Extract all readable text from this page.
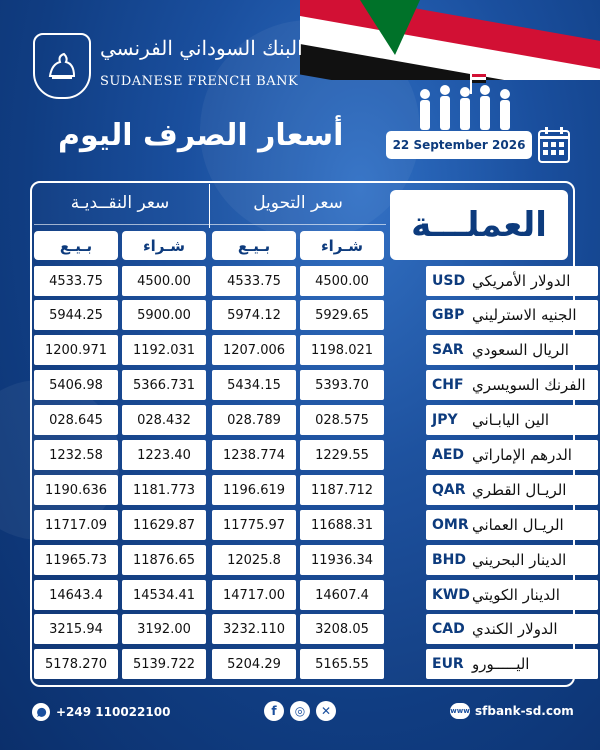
البنك السوداني الفرنسي
SUDANESE FRENCH BANK
أسعار الصرف اليوم	22 September 2026
سعر النقــديـة	سعر التحويل
العملـــة
بـيـع	شـراء	بـيـع	شـراء
4533.75	4500.00	4533.75	4500.00	USD الدولار الأمريكي
5944.25	5900.00	5974.12	5929.65	GBP الجنيه الاسترليني
1200.971	1192.031	1207.006	1198.021	SAR الريال السعودي
5406.98	5366.731	5434.15	5393.70	CHF الفرنك السويسري
028.645	028.432	028.789	028.575	JPY الين اليابـاني
1232.58	1223.40	1238.774	1229.55	AED الدرهم الإماراتي
1190.636	1181.773	1196.619	1187.712	QAR الريـال القطري
11717.09	11629.87	11775.97	11688.31	OMR الريـال العماني
11965.73	11876.65	12025.8	11936.34	BHD الدينار البحريني
14643.4	14534.41	14717.00	14607.4	KWD الدينار الكويتي
3215.94	3192.00	3232.110	3208.05	CAD الدولار الكندي
5178.270	5139.722	5204.29	5165.55	EUR اليـــــورو
+249 110022100	f	◎	✕	www sfbank-sd.com
